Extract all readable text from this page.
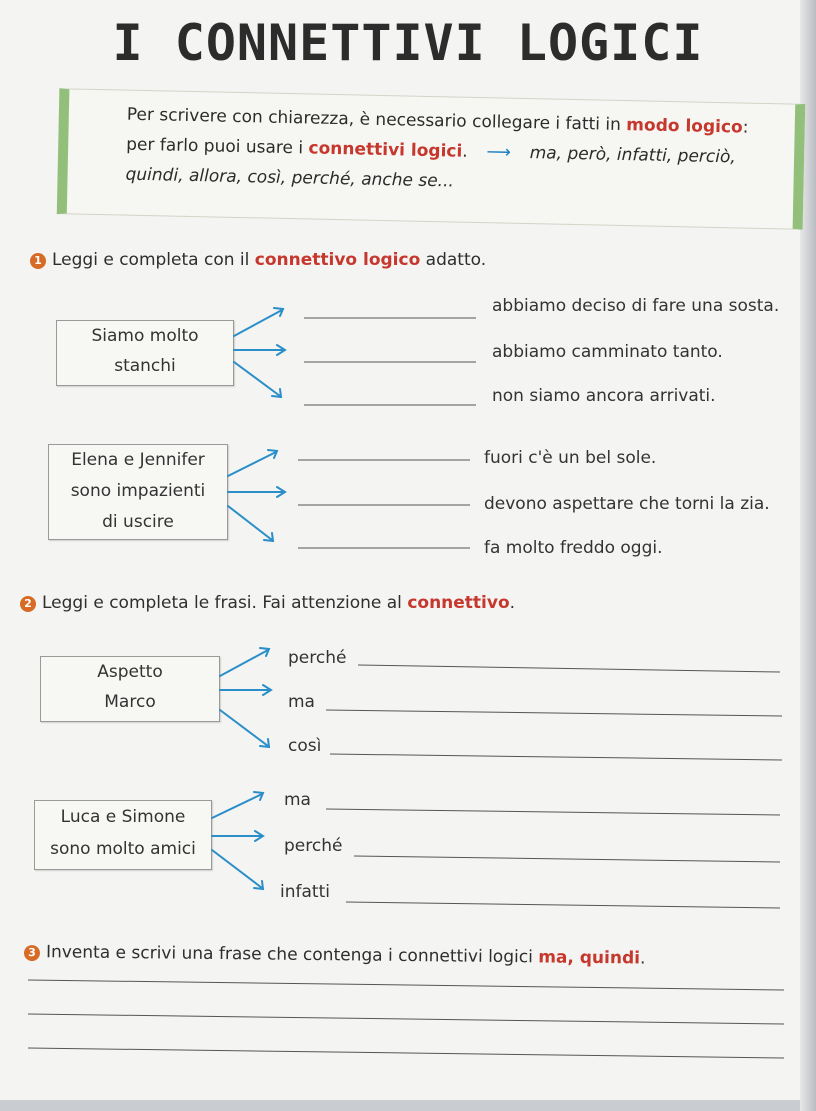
I CONNETTIVI LOGICI
Per scrivere con chiarezza, è necessario collegare i fatti in modo logico:
per farlo puoi usare i connettivi logici. ⟶ ma, però, infatti, perciò,
quindi, allora, così, perché, anche se...
1 Leggi e completa con il connettivo logico adatto.
Siamo molto
stanchi
abbiamo deciso di fare una sosta.
abbiamo camminato tanto.
non siamo ancora arrivati.
Elena e Jennifer
sono impazienti
di uscire
fuori c'è un bel sole.
devono aspettare che torni la zia.
fa molto freddo oggi.
2 Leggi e completa le frasi. Fai attenzione al connettivo.
Aspetto
Marco
perché
ma
così
Luca e Simone
sono molto amici
ma
perché
infatti
3 Inventa e scrivi una frase che contenga i connettivi logici ma, quindi.
